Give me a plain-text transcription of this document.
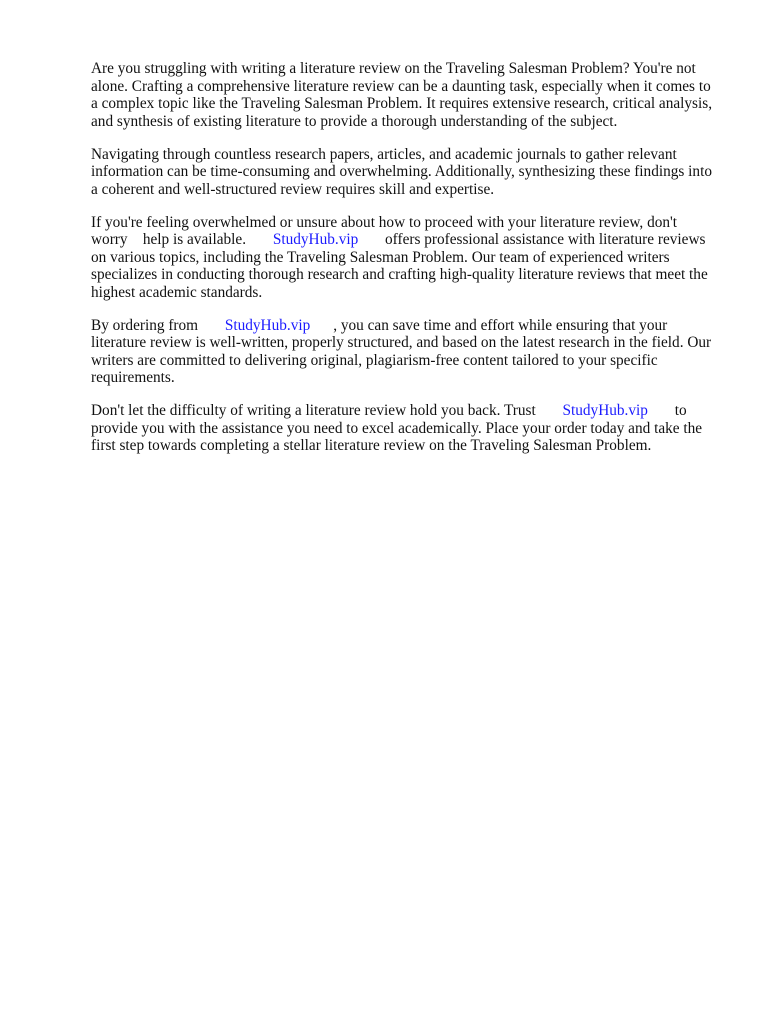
Are you struggling with writing a literature review on the Traveling Salesman Problem? You're not
alone. Crafting a comprehensive literature review can be a daunting task, especially when it comes to
a complex topic like the Traveling Salesman Problem. It requires extensive research, critical analysis,
and synthesis of existing literature to provide a thorough understanding of the subject.

Navigating through countless research papers, articles, and academic journals to gather relevant
information can be time-consuming and overwhelming. Additionally, synthesizing these findings into
a coherent and well-structured review requires skill and expertise.

If you're feeling overwhelmed or unsure about how to proceed with your literature review, don't
worry    help is available.       StudyHub.vip       offers professional assistance with literature reviews
on various topics, including the Traveling Salesman Problem. Our team of experienced writers
specializes in conducting thorough research and crafting high-quality literature reviews that meet the
highest academic standards.

By ordering from       StudyHub.vip      , you can save time and effort while ensuring that your
literature review is well-written, properly structured, and based on the latest research in the field. Our
writers are committed to delivering original, plagiarism-free content tailored to your specific
requirements.

Don't let the difficulty of writing a literature review hold you back. Trust       StudyHub.vip       to
provide you with the assistance you need to excel academically. Place your order today and take the
first step towards completing a stellar literature review on the Traveling Salesman Problem.
